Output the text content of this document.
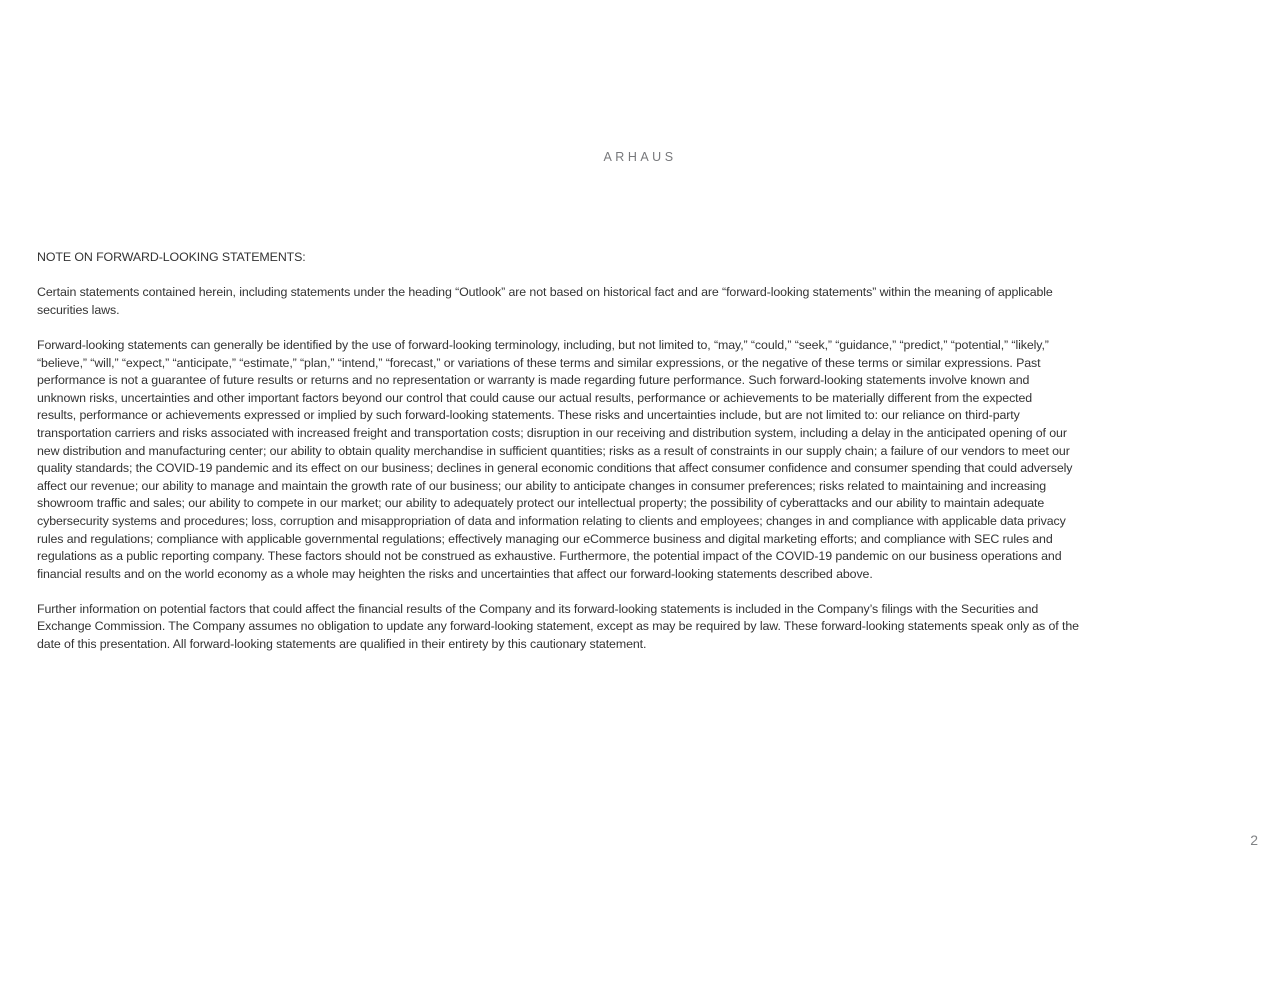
ARHAUS
NOTE ON FORWARD-LOOKING STATEMENTS:
Certain statements contained herein, including statements under the heading “Outlook” are not based on historical fact and are “forward-looking statements” within the meaning of applicable
securities laws.
Forward-looking statements can generally be identified by the use of forward-looking terminology, including, but not limited to, “may,” “could,” “seek,” “guidance,” “predict,” “potential,” “likely,”
“believe,” “will,” “expect,” “anticipate,” “estimate,” “plan,” “intend,” “forecast,” or variations of these terms and similar expressions, or the negative of these terms or similar expressions. Past
performance is not a guarantee of future results or returns and no representation or warranty is made regarding future performance. Such forward-looking statements involve known and
unknown risks, uncertainties and other important factors beyond our control that could cause our actual results, performance or achievements to be materially different from the expected
results, performance or achievements expressed or implied by such forward-looking statements. These risks and uncertainties include, but are not limited to: our reliance on third-party
transportation carriers and risks associated with increased freight and transportation costs; disruption in our receiving and distribution system, including a delay in the anticipated opening of our
new distribution and manufacturing center; our ability to obtain quality merchandise in sufficient quantities; risks as a result of constraints in our supply chain; a failure of our vendors to meet our
quality standards; the COVID-19 pandemic and its effect on our business; declines in general economic conditions that affect consumer confidence and consumer spending that could adversely
affect our revenue; our ability to manage and maintain the growth rate of our business; our ability to anticipate changes in consumer preferences; risks related to maintaining and increasing
showroom traffic and sales; our ability to compete in our market; our ability to adequately protect our intellectual property; the possibility of cyberattacks and our ability to maintain adequate
cybersecurity systems and procedures; loss, corruption and misappropriation of data and information relating to clients and employees; changes in and compliance with applicable data privacy
rules and regulations; compliance with applicable governmental regulations; effectively managing our eCommerce business and digital marketing efforts; and compliance with SEC rules and
regulations as a public reporting company. These factors should not be construed as exhaustive. Furthermore, the potential impact of the COVID-19 pandemic on our business operations and
financial results and on the world economy as a whole may heighten the risks and uncertainties that affect our forward-looking statements described above.
Further information on potential factors that could affect the financial results of the Company and its forward-looking statements is included in the Company’s filings with the Securities and
Exchange Commission. The Company assumes no obligation to update any forward-looking statement, except as may be required by law. These forward-looking statements speak only as of the
date of this presentation. All forward-looking statements are qualified in their entirety by this cautionary statement.
2
